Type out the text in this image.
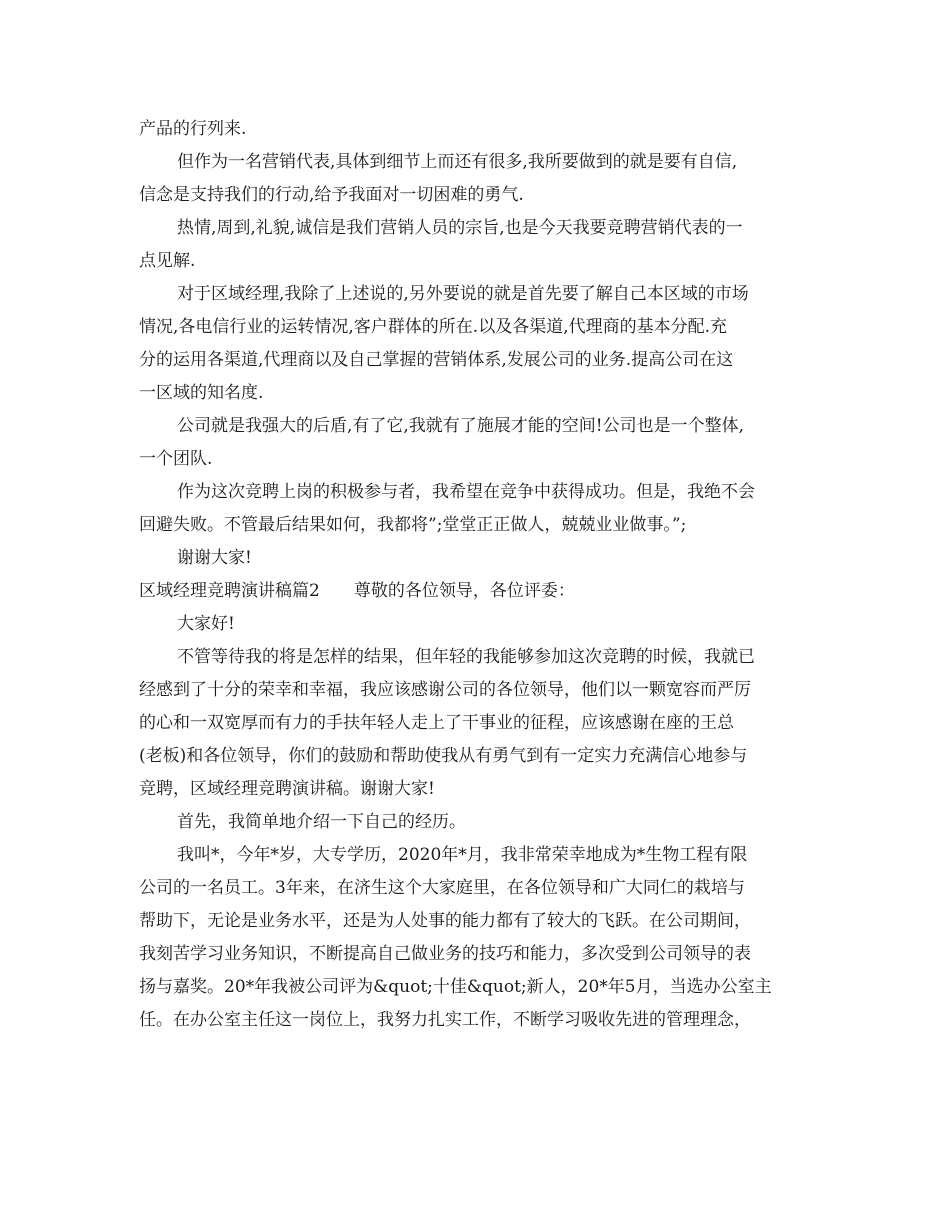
产品的行列来.
但作为一名营销代表,具体到细节上而还有很多,我所要做到的就是要有自信,
信念是支持我们的行动,给予我面对一切困难的勇气.
热情,周到,礼貌,诚信是我们营销人员的宗旨,也是今天我要竞聘营销代表的一
点见解.
对于区域经理,我除了上述说的,另外要说的就是首先要了解自己本区域的市场
情况,各电信行业的运转情况,客户群体的所在.以及各渠道,代理商的基本分配.充
分的运用各渠道,代理商以及自己掌握的营销体系,发展公司的业务.提高公司在这
一区域的知名度.
公司就是我强大的后盾,有了它,我就有了施展才能的空间!公司也是一个整体,
一个团队.
作为这次竞聘上岗的积极参与者，我希望在竞争中获得成功。但是，我绝不会
回避失败。不管最后结果如何，我都将”;堂堂正正做人，兢兢业业做事。”;
谢谢大家!
区域经理竞聘演讲稿篇2　　尊敬的各位领导，各位评委：
大家好!
不管等待我的将是怎样的结果，但年轻的我能够参加这次竞聘的时候，我就已
经感到了十分的荣幸和幸福，我应该感谢公司的各位领导，他们以一颗宽容而严厉
的心和一双宽厚而有力的手扶年轻人走上了干事业的征程，应该感谢在座的王总
(老板)和各位领导，你们的鼓励和帮助使我从有勇气到有一定实力充满信心地参与
竞聘，区域经理竞聘演讲稿。谢谢大家!
首先，我简单地介绍一下自己的经历。
我叫*，今年*岁，大专学历，2020年*月，我非常荣幸地成为*生物工程有限
公司的一名员工。3年来，在济生这个大家庭里，在各位领导和广大同仁的栽培与
帮助下，无论是业务水平，还是为人处事的能力都有了较大的飞跃。在公司期间，
我刻苦学习业务知识，不断提高自己做业务的技巧和能力，多次受到公司领导的表
扬与嘉奖。20*年我被公司评为&quot;十佳&quot;新人，20*年5月，当选办公室主
任。在办公室主任这一岗位上，我努力扎实工作，不断学习吸收先进的管理理念，
